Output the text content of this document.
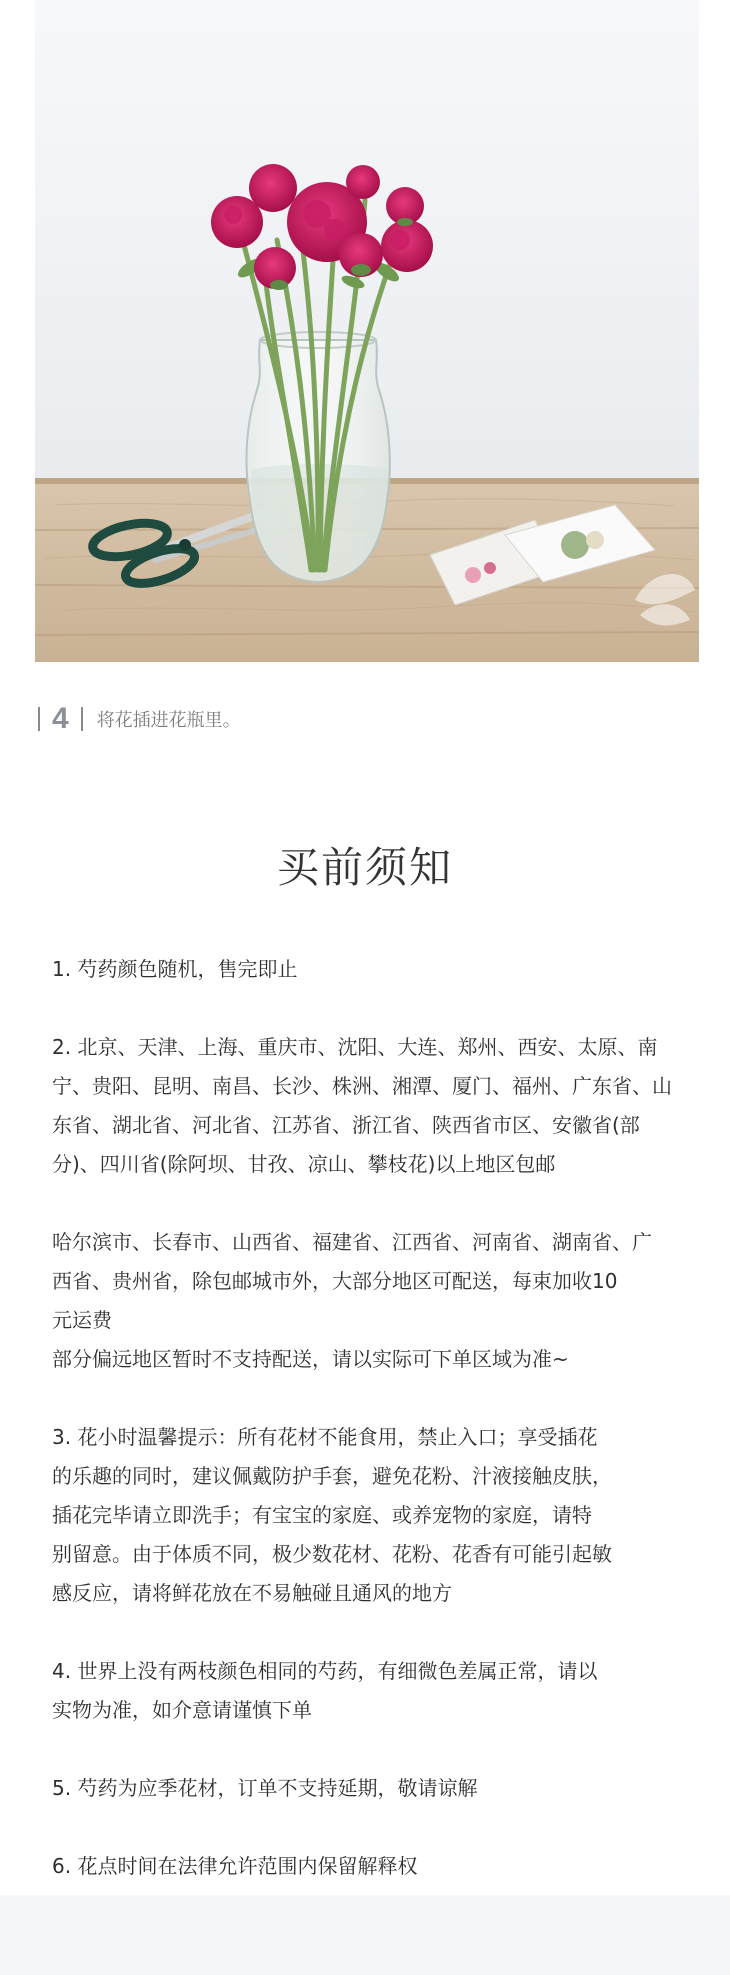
4 将花插进花瓶里。
买前须知

1. 芍药颜色随机，售完即止

2. 北京、天津、上海、重庆市、沈阳、大连、郑州、西安、太原、南

宁、贵阳、昆明、南昌、长沙、株洲、湘潭、厦门、福州、广东省、山

东省、湖北省、河北省、江苏省、浙江省、陕西省市区、安徽省(部

分)、四川省(除阿坝、甘孜、凉山、攀枝花)以上地区包邮

哈尔滨市、长春市、山西省、福建省、江西省、河南省、湖南省、广

西省、贵州省，除包邮城市外，大部分地区可配送，每束加收10

元运费

部分偏远地区暂时不支持配送，请以实际可下单区域为准~

3. 花小时温馨提示：所有花材不能食用，禁止入口；享受插花

的乐趣的同时，建议佩戴防护手套，避免花粉、汁液接触皮肤，

插花完毕请立即洗手；有宝宝的家庭、或养宠物的家庭，请特

别留意。由于体质不同，极少数花材、花粉、花香有可能引起敏

感反应，请将鲜花放在不易触碰且通风的地方

4. 世界上没有两枝颜色相同的芍药，有细微色差属正常，请以

实物为准，如介意请谨慎下单

5. 芍药为应季花材，订单不支持延期，敬请谅解

6. 花点时间在法律允许范围内保留解释权
